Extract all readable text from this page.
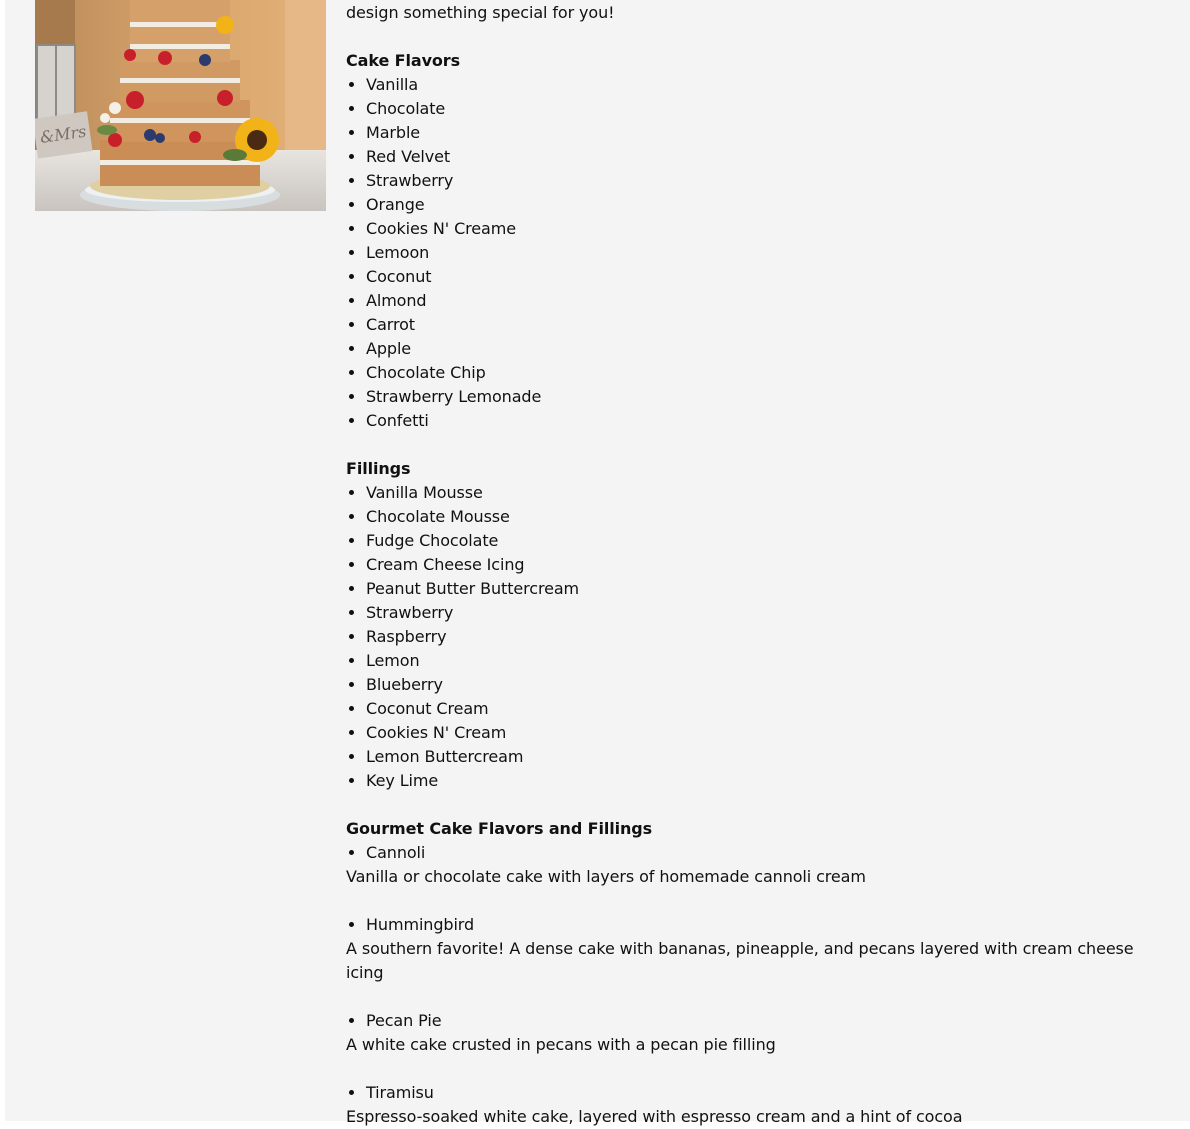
&Mrs

design something special for you!

Cake Flavors
• Vanilla
• Chocolate
• Marble
• Red Velvet
• Strawberry
• Orange
• Cookies N' Creame
• Lemoon
• Coconut
• Almond
• Carrot
• Apple
• Chocolate Chip
• Strawberry Lemonade
• Confetti
Fillings
• Vanilla Mousse
• Chocolate Mousse
• Fudge Chocolate
• Cream Cheese Icing
• Peanut Butter Buttercream
• Strawberry
• Raspberry
• Lemon
• Blueberry
• Coconut Cream
• Cookies N' Cream
• Lemon Buttercream
• Key Lime
Gourmet Cake Flavors and Fillings
• Cannoli

Vanilla or chocolate cake with layers of homemade cannoli cream

• Hummingbird

A southern favorite! A dense cake with bananas, pineapple, and pecans layered with cream cheese icing

• Pecan Pie

A white cake crusted in pecans with a pecan pie filling

• Tiramisu

Espresso-soaked white cake, layered with espresso cream and a hint of cocoa
